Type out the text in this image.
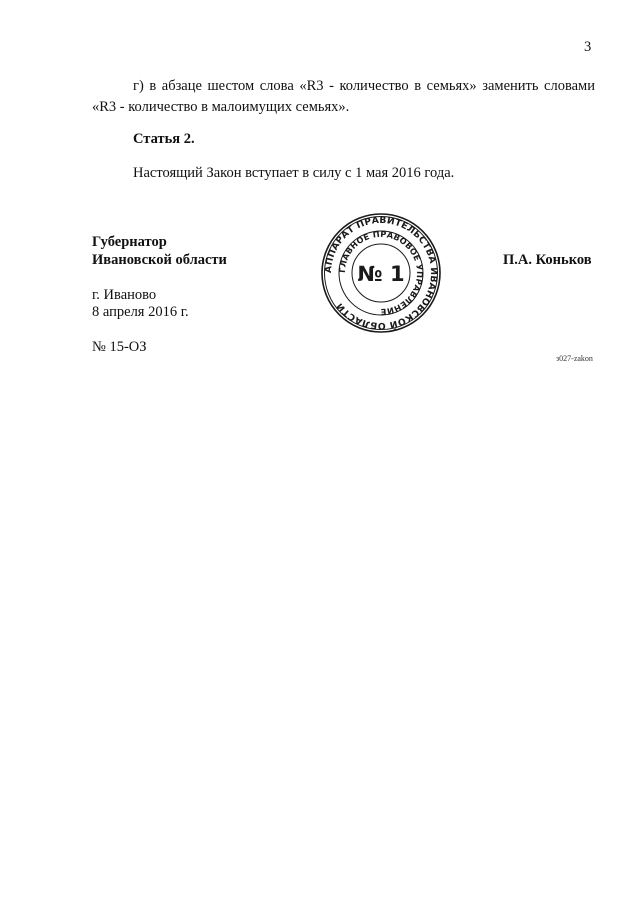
3
г) в абзаце шестом слова «R3 - количество в семьях» заменить словами
«R3 - количество в малоимущих семьях».
Статья 2.
Настоящий Закон вступает в силу с 1 мая 2016 года.
Губернатор
Ивановской области	П.А. Коньков
г. Иваново
8 апреля 2016 г.
№ 15-ОЗ
з027-zakon
АППАРАТ ПРАВИТЕЛЬСТВА ИВАНОВСКОЙ ОБЛАСТИ
ГЛАВНОЕ ПРАВОВОЕ УПРАВЛЕНИЕ
№ 1
